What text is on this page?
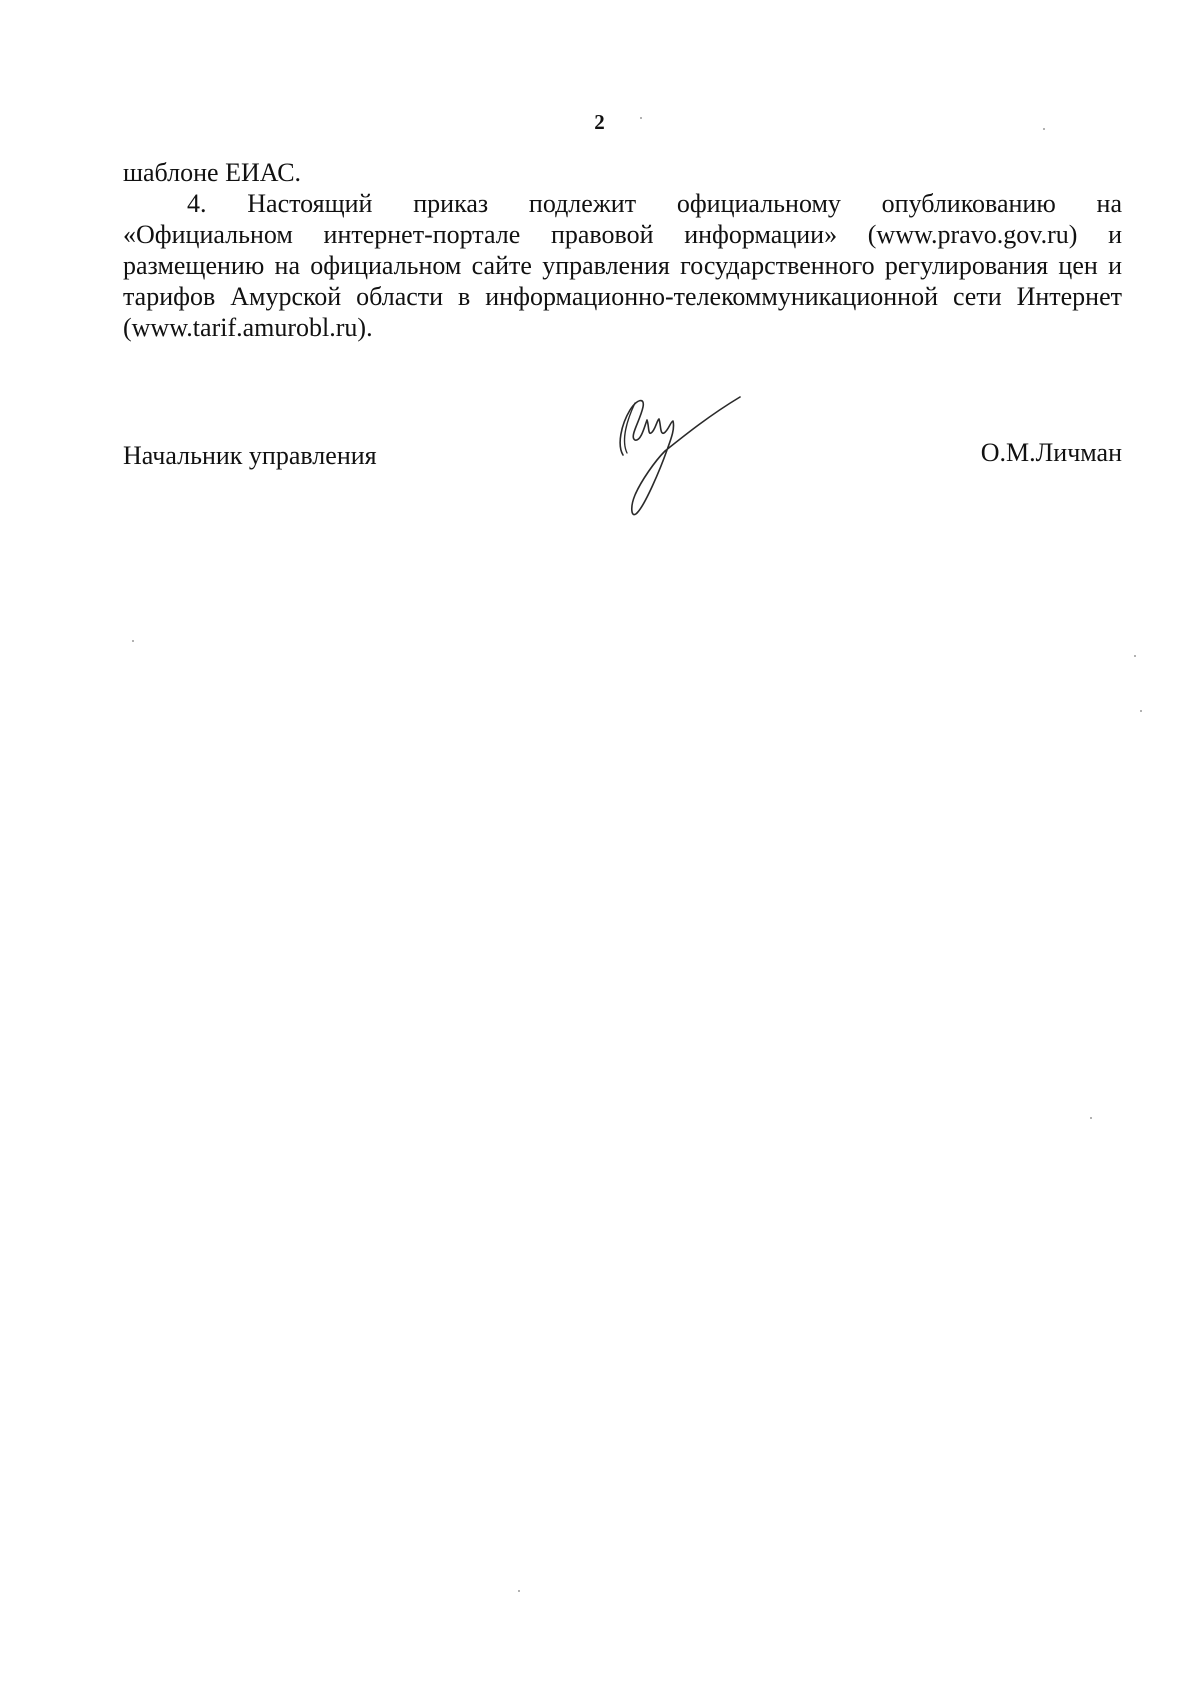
2
шаблоне ЕИАС.
4. Настоящий приказ подлежит официальному опубликованию на
«Официальном интернет-портале правовой информации» (www.pravo.gov.ru) и
размещению на официальном сайте управления государственного регулирования цен и
тарифов Амурской области в информационно-телекоммуникационной сети Интернет
(www.tarif.amurobl.ru).
Начальник управления	О.М.Личман
